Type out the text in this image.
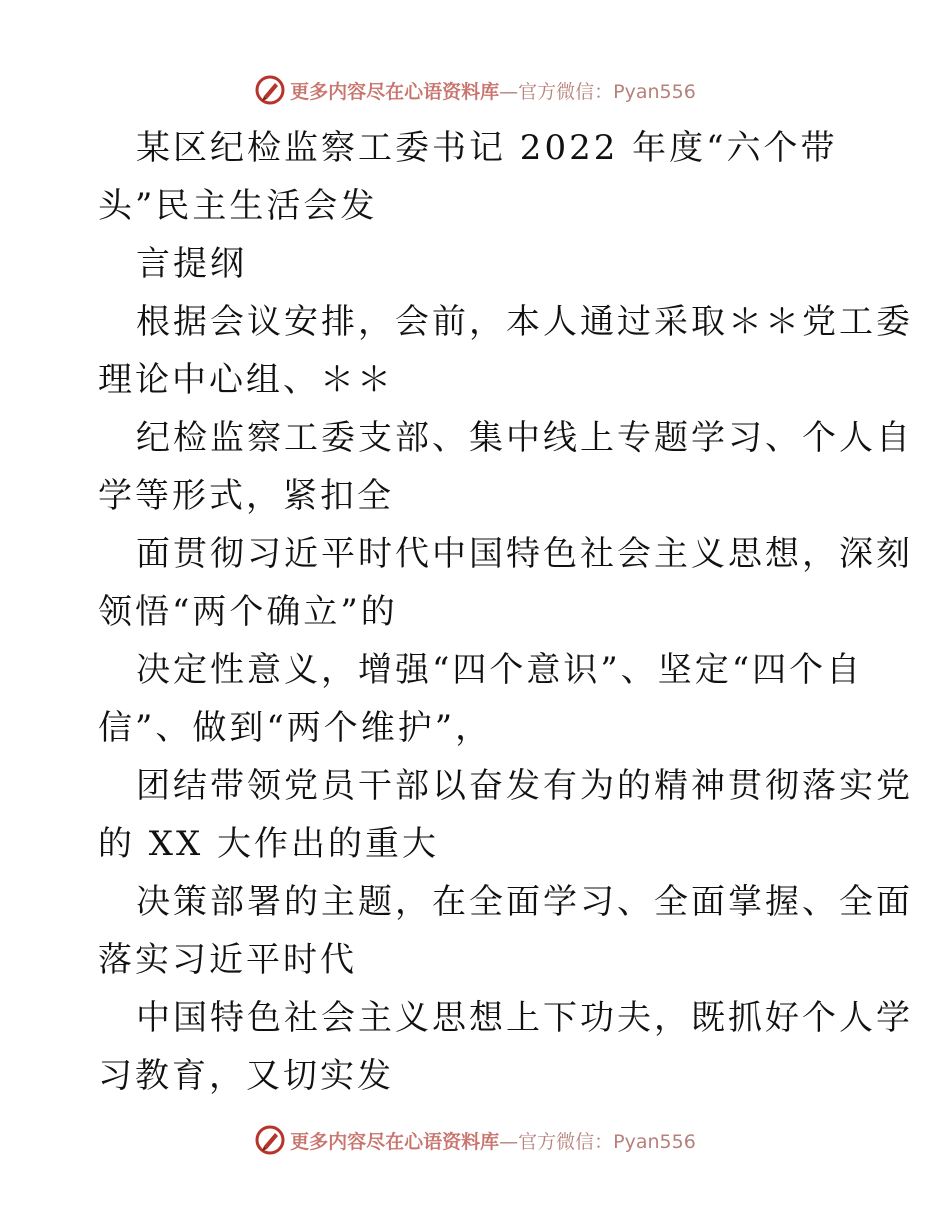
更多内容尽在心语资料库—官方微信：Pyan556
某区纪检监察工委书记 2022 年度“六个带
头”民主生活会发
言提纲
根据会议安排，会前，本人通过采取＊＊党工委
理论中心组、＊＊
纪检监察工委支部、集中线上专题学习、个人自
学等形式，紧扣全
面贯彻习近平时代中国特色社会主义思想，深刻
领悟“两个确立”的
决定性意义，增强“四个意识”、坚定“四个自
信”、做到“两个维护”，
团结带领党员干部以奋发有为的精神贯彻落实党
的 XX 大作出的重大
决策部署的主题，在全面学习、全面掌握、全面
落实习近平时代
中国特色社会主义思想上下功夫，既抓好个人学
习教育，又切实发
更多内容尽在心语资料库—官方微信：Pyan556
